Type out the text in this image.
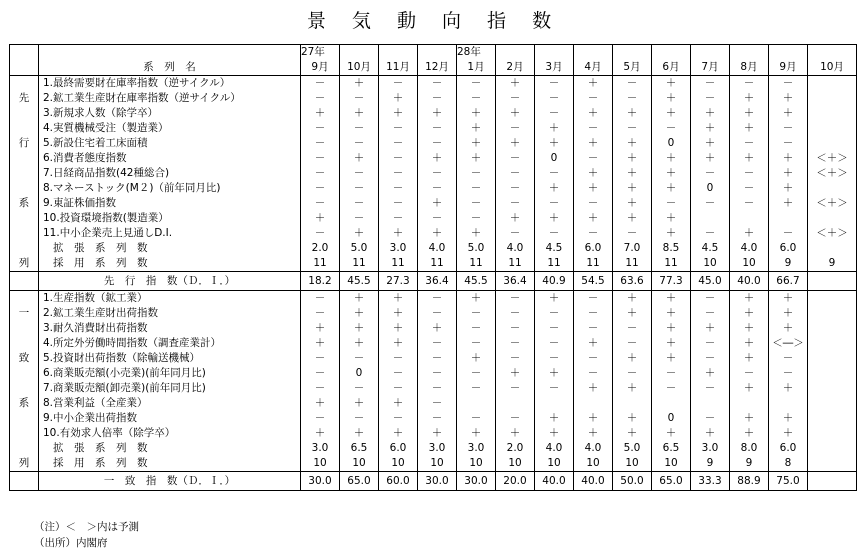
景 気 動 向 指 数
		27年				28年									
	系　列　名	9月	10月	11月	12月	1月	2月	3月	4月	5月	6月	7月	8月	9月	10月
	1.最終需要財在庫率指数（逆サイクル）	－	＋	－	－	－	＋	－	＋	－	＋	－	－	－	
先	2.鉱工業生産財在庫率指数（逆サイクル）	－	－	＋	－	－	－	－	－	－	＋	－	＋	＋	
	3.新規求人数（除学卒）	＋	＋	＋	＋	＋	＋	－	＋	＋	＋	＋	＋	＋	
	4.実質機械受注（製造業）	－	－	－	－	＋	－	＋	－	－	－	＋	＋	－	
行	5.新設住宅着工床面積	－	－	－	－	＋	＋	＋	＋	＋	0	＋	－	－	
	6.消費者態度指数	－	＋	－	＋	＋	－	0	－	＋	＋	＋	＋	＋	＜＋＞
	7.日経商品指数(42種総合)	－	－	－	－	－	－	－	＋	＋	＋	－	－	＋	＜＋＞
	8.マネーストック(M２)（前年同月比)	－	－	－	－	－	－	＋	＋	＋	＋	0	－	＋	
系	9.東証株価指数	－	－	－	＋	－	－	－	－	＋	－	－	－	＋	＜＋＞
	10.投資環境指数(製造業）	＋	－	－	－	－	＋	＋	＋	＋	＋				
	11.中小企業売上見通しD.I.	－	＋	＋	＋	＋	－	－	－	－	＋	－	＋	－	＜＋＞
	拡　張　系　列　数	2.0	5.0	3.0	4.0	5.0	4.0	4.5	6.0	7.0	8.5	4.5	4.0	6.0	
列	採　用　系　列　数	11	11	11	11	11	11	11	11	11	11	10	10	9	9
	先　行　指　数（Ｄ．Ｉ．）	18.2	45.5	27.3	36.4	45.5	36.4	40.9	54.5	63.6	77.3	45.0	40.0	66.7	
	1.生産指数（鉱工業）	－	＋	＋	－	＋	－	＋	－	＋	＋	－	＋	＋	
一	2.鉱工業生産財出荷指数	－	＋	＋	－	－	－	－	－	＋	＋	－	＋	＋	
	3.耐久消費財出荷指数	＋	＋	＋	＋	－	－	－	－	－	＋	＋	＋	＋	
	4.所定外労働時間指数（調査産業計）	＋	＋	＋	－	－	－	－	＋	－	＋	－	＋	＜―＞	
致	5.投資財出荷指数（除輸送機械）	－	－	－	－	＋	－	－	－	＋	＋	－	＋	－	
	6.商業販売額(小売業)(前年同月比)	－	0	－	－	－	＋	＋	－	－	－	＋	－	－	
	7.商業販売額(卸売業)(前年同月比)	－	－	－	－	－	－	－	＋	＋	－	－	＋	＋	
系	8.営業利益（全産業）	＋	＋	＋	－										
	9.中小企業出荷指数	－	－	－	－	－	－	＋	＋	＋	0	－	＋	＋	
	10.有効求人倍率（除学卒）	＋	＋	＋	＋	＋	＋	＋	＋	＋	＋	＋	＋	＋	
	拡　張　系　列　数	3.0	6.5	6.0	3.0	3.0	2.0	4.0	4.0	5.0	6.5	3.0	8.0	6.0	
列	採　用　系　列　数	10	10	10	10	10	10	10	10	10	10	9	9	8	
	一　致　指　数（Ｄ．Ｉ．）	30.0	65.0	60.0	30.0	30.0	20.0	40.0	40.0	50.0	65.0	33.3	88.9	75.0	
（注）＜　＞内は予測
（出所）内閣府
